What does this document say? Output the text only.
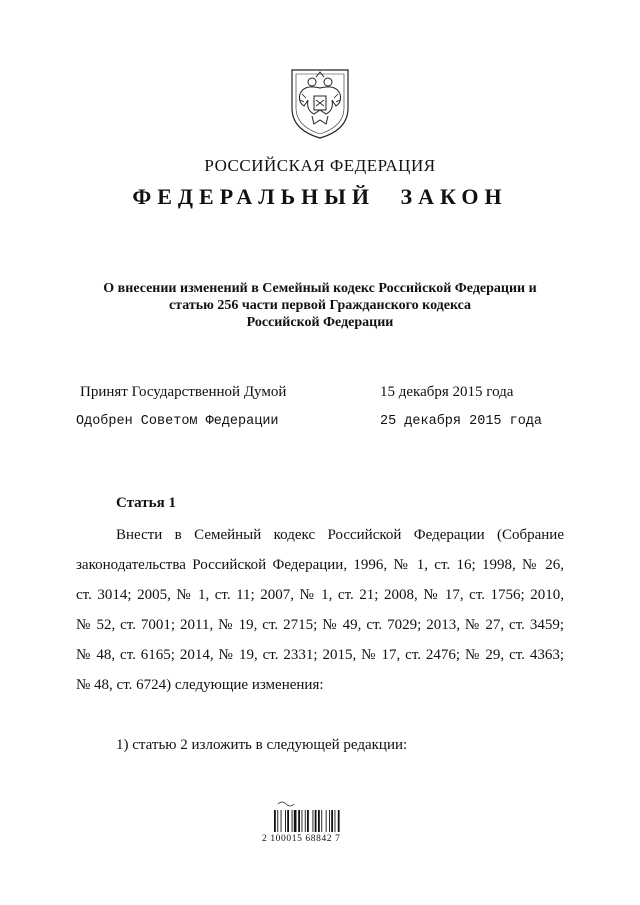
РОССИЙСКАЯ ФЕДЕРАЦИЯ
ФЕДЕРАЛЬНЫЙ ЗАКОН
О внесении изменений в Семейный кодекс Российской Федерации и
статью 256 части первой Гражданского кодекса
Российской Федерации
Принят Государственной Думой	15 декабря 2015 года
Одобрен Советом Федерации	25 декабря 2015 года
Статья 1
Внести в Семейный кодекс Российской Федерации (Собрание
законодательства Российской Федерации, 1996, № 1, ст. 16; 1998, № 26,
ст. 3014; 2005, № 1, ст. 11; 2007, № 1, ст. 21; 2008, № 17, ст. 1756; 2010,
№ 52, ст. 7001; 2011, № 19, ст. 2715; № 49, ст. 7029; 2013, № 27, ст. 3459;
№ 48, ст. 6165; 2014, № 19, ст. 2331; 2015, № 17, ст. 2476; № 29, ст. 4363;
№ 48, ст. 6724) следующие изменения:
1) статью 2 изложить в следующей редакции:
2 100015 68842 7
